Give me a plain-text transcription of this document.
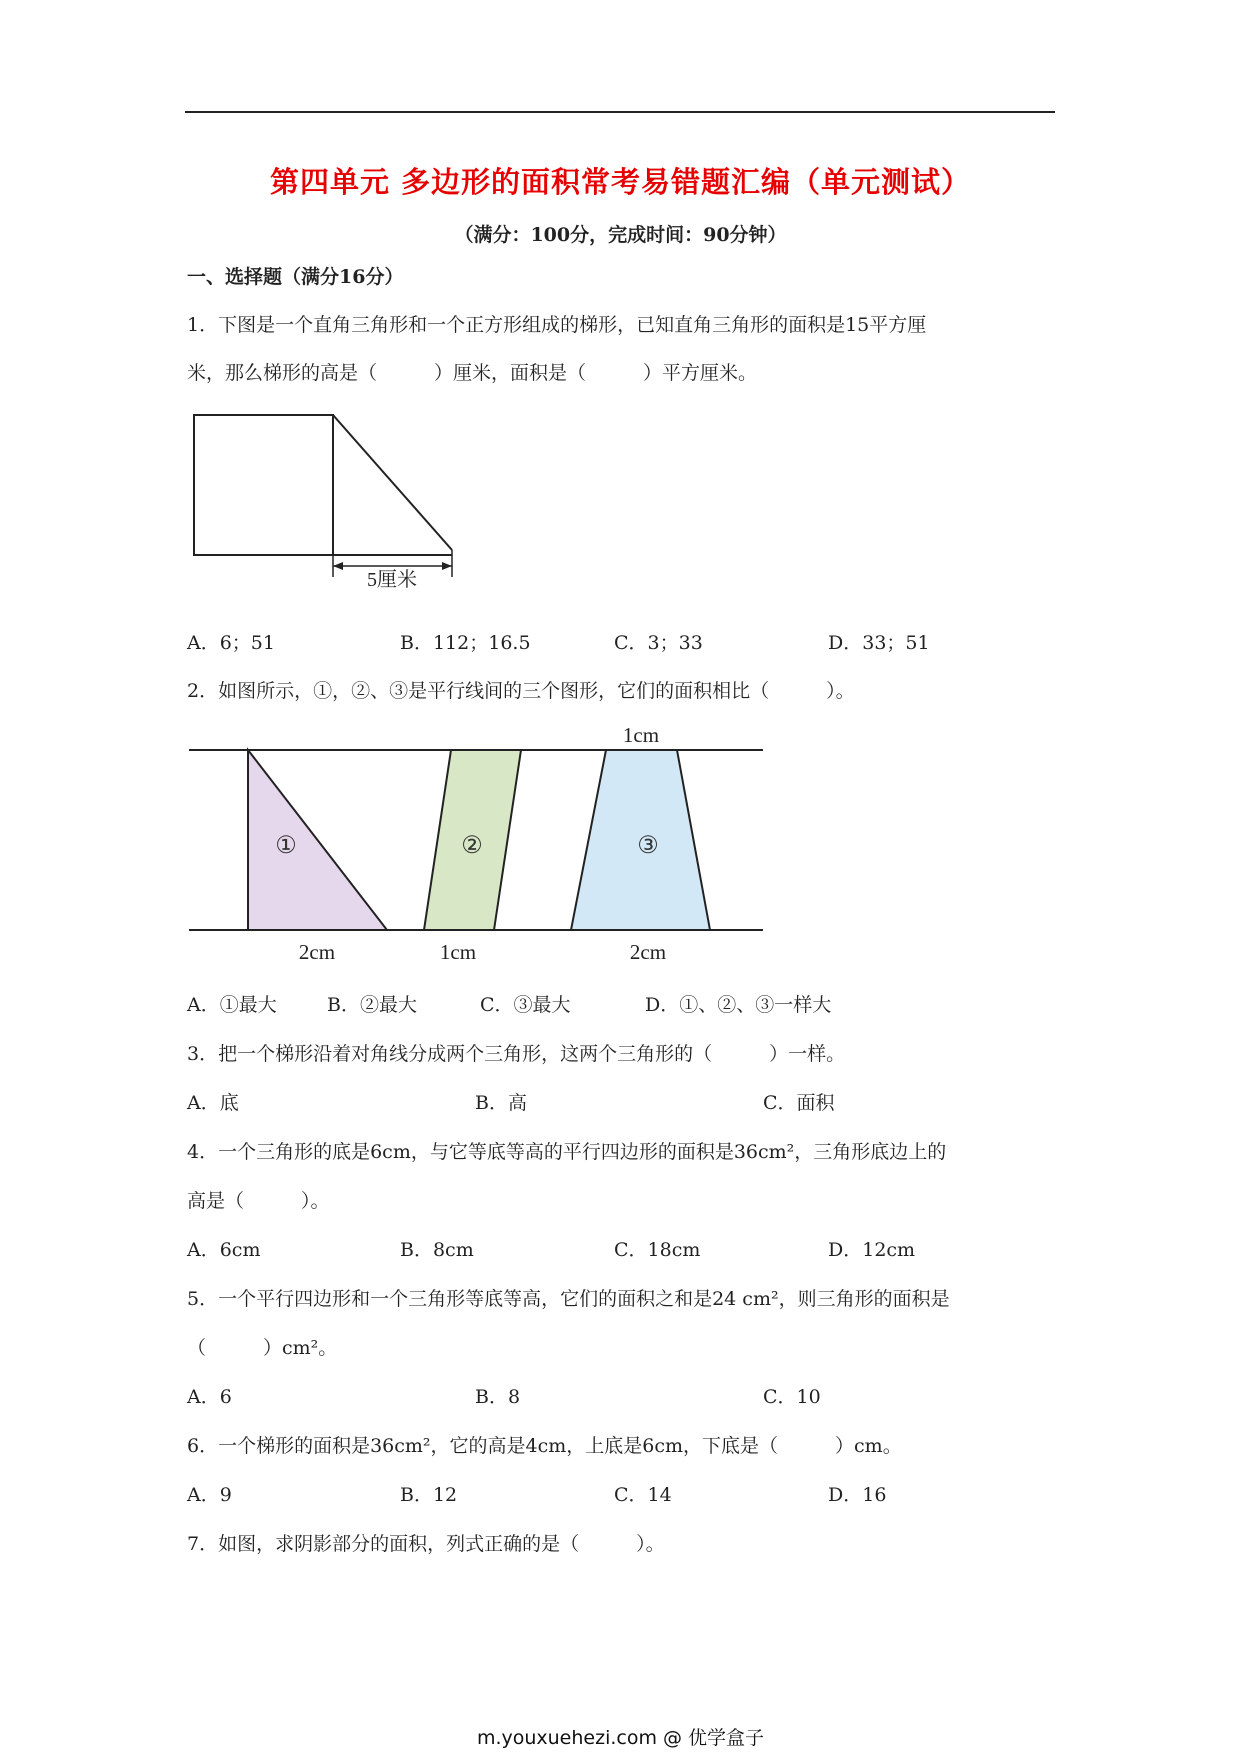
第四单元 多边形的面积常考易错题汇编（单元测试）
（满分：100分，完成时间：90分钟）
一、选择题（满分16分）
1．下图是一个直角三角形和一个正方形组成的梯形，已知直角三角形的面积是15平方厘
米，那么梯形的高是（　　　）厘米，面积是（　　　）平方厘米。
5厘米
A．6；51	B．112；16.5	C．3；33	D．33；51
2．如图所示，①，②、③是平行线间的三个图形，它们的面积相比（　　　）。
①	②	③
1cm
2cm	1cm	2cm
A．①最大	B．②最大	C．③最大	D．①、②、③一样大
3．把一个梯形沿着对角线分成两个三角形，这两个三角形的（　　　）一样。
A．底	B．高	C．面积
4．一个三角形的底是6cm，与它等底等高的平行四边形的面积是36cm²，三角形底边上的
高是（　　　）。
A．6cm	B．8cm	C．18cm	D．12cm
5．一个平行四边形和一个三角形等底等高，它们的面积之和是24 cm²，则三角形的面积是
（　　　）cm²。
A．6	B．8	C．10
6．一个梯形的面积是36cm²，它的高是4cm，上底是6cm，下底是（　　　）cm。
A．9	B．12	C．14	D．16
7．如图，求阴影部分的面积，列式正确的是（　　　）。
m.youxuehezi.com @ 优学盒子
